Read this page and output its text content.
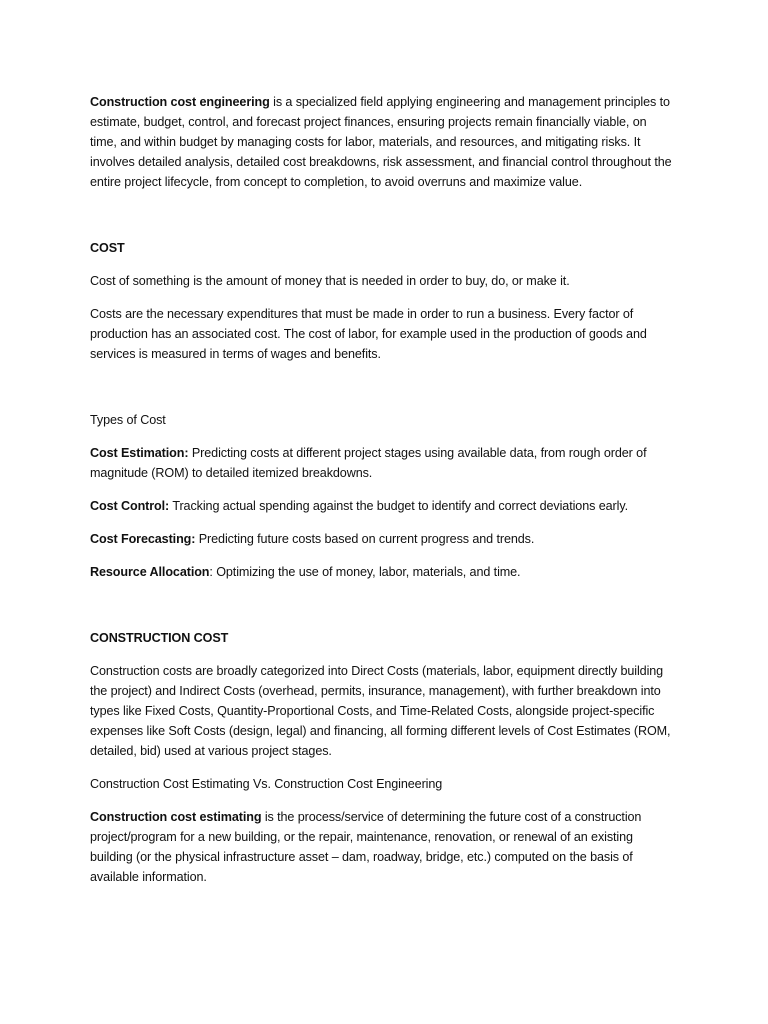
Construction cost engineering is a specialized field applying engineering and management principles to estimate, budget, control, and forecast project finances, ensuring projects remain financially viable, on time, and within budget by managing costs for labor, materials, and resources, and mitigating risks. It involves detailed analysis, detailed cost breakdowns, risk assessment, and financial control throughout the entire project lifecycle, from concept to completion, to avoid overruns and maximize value.

COST

Cost of something is the amount of money that is needed in order to buy, do, or make it.

Costs are the necessary expenditures that must be made in order to run a business. Every factor of production has an associated cost. The cost of labor, for example used in the production of goods and services is measured in terms of wages and benefits.

Types of Cost

Cost Estimation: Predicting costs at different project stages using available data, from rough order of magnitude (ROM) to detailed itemized breakdowns.

Cost Control: Tracking actual spending against the budget to identify and correct deviations early.

Cost Forecasting: Predicting future costs based on current progress and trends.

Resource Allocation: Optimizing the use of money, labor, materials, and time.

CONSTRUCTION COST

Construction costs are broadly categorized into Direct Costs (materials, labor, equipment directly building the project) and Indirect Costs (overhead, permits, insurance, management), with further breakdown into types like Fixed Costs, Quantity-Proportional Costs, and Time-Related Costs, alongside project-specific expenses like Soft Costs (design, legal) and financing, all forming different levels of Cost Estimates (ROM, detailed, bid) used at various project stages.

Construction Cost Estimating Vs. Construction Cost Engineering

Construction cost estimating is the process/service of determining the future cost of a construction project/program for a new building, or the repair, maintenance, renovation, or renewal of an existing building (or the physical infrastructure asset – dam, roadway, bridge, etc.) computed on the basis of available information.
